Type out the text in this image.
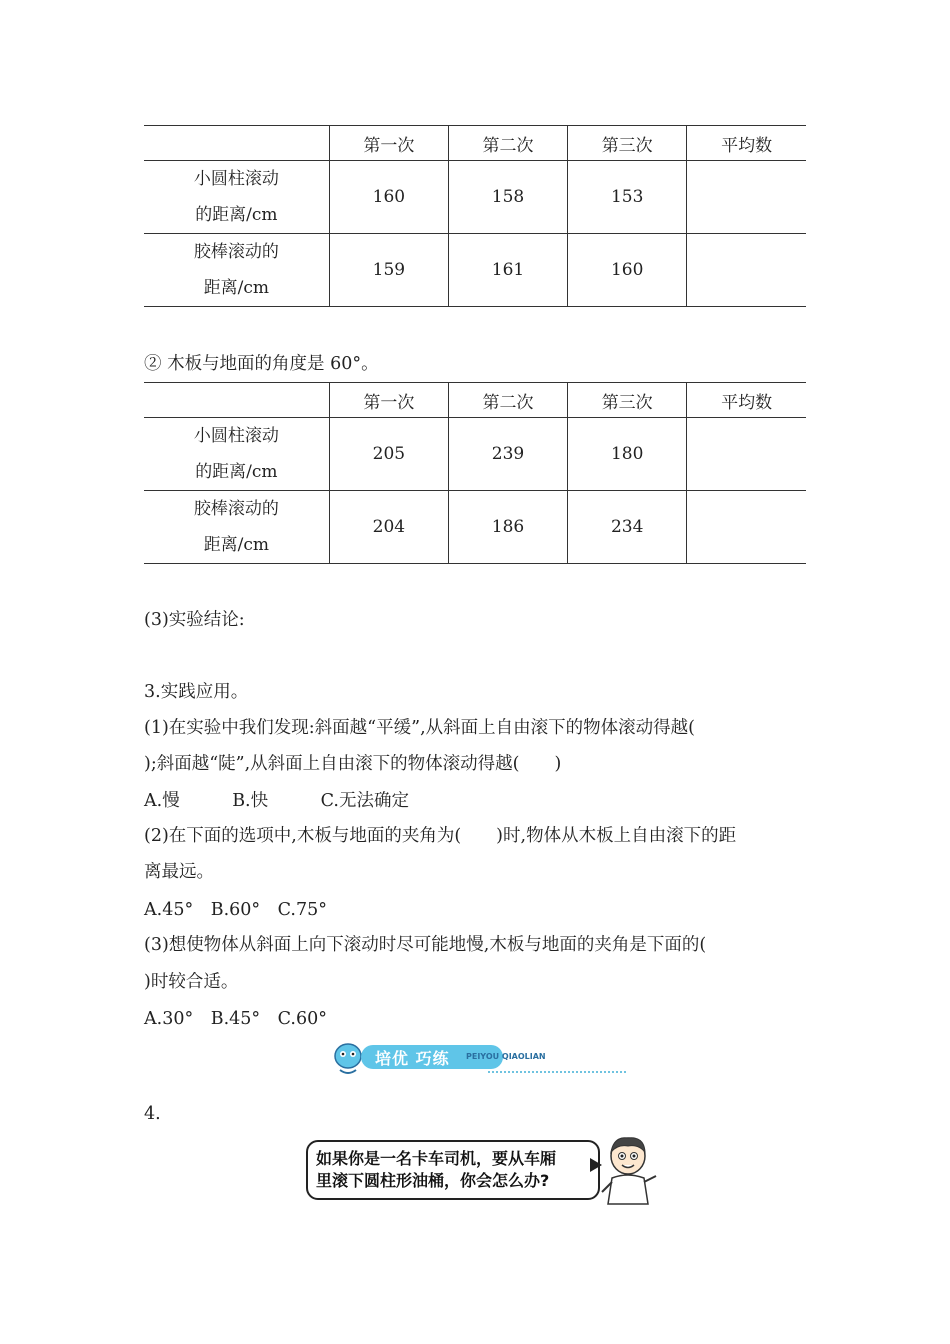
	第一次	第二次	第三次	平均数

小圆柱滚动
的距离/cm	160	158	153	

胶棒滚动的
距离/cm	159	161	160	
② 木板与地面的角度是 60°。
	第一次	第二次	第三次	平均数

小圆柱滚动
的距离/cm	205	239	180	

胶棒滚动的
距离/cm	204	186	234	
(3)实验结论:
3.实践应用。
(1)在实验中我们发现:斜面越“平缓”,从斜面上自由滚下的物体滚动得越(
);斜面越“陡”,从斜面上自由滚下的物体滚动得越(　　)
A.慢　　　B.快　　　C.无法确定
(2)在下面的选项中,木板与地面的夹角为(　　)时,物体从木板上自由滚下的距
离最远。
A.45°　B.60°　C.75°
(3)想使物体从斜面上向下滚动时尽可能地慢,木板与地面的夹角是下面的(
)时较合适。
A.30°　B.45°　C.60°
培优 巧练 PEIYOU QIAOLIAN
4.
如果你是一名卡车司机，要从车厢
里滚下圆柱形油桶，你会怎么办?
